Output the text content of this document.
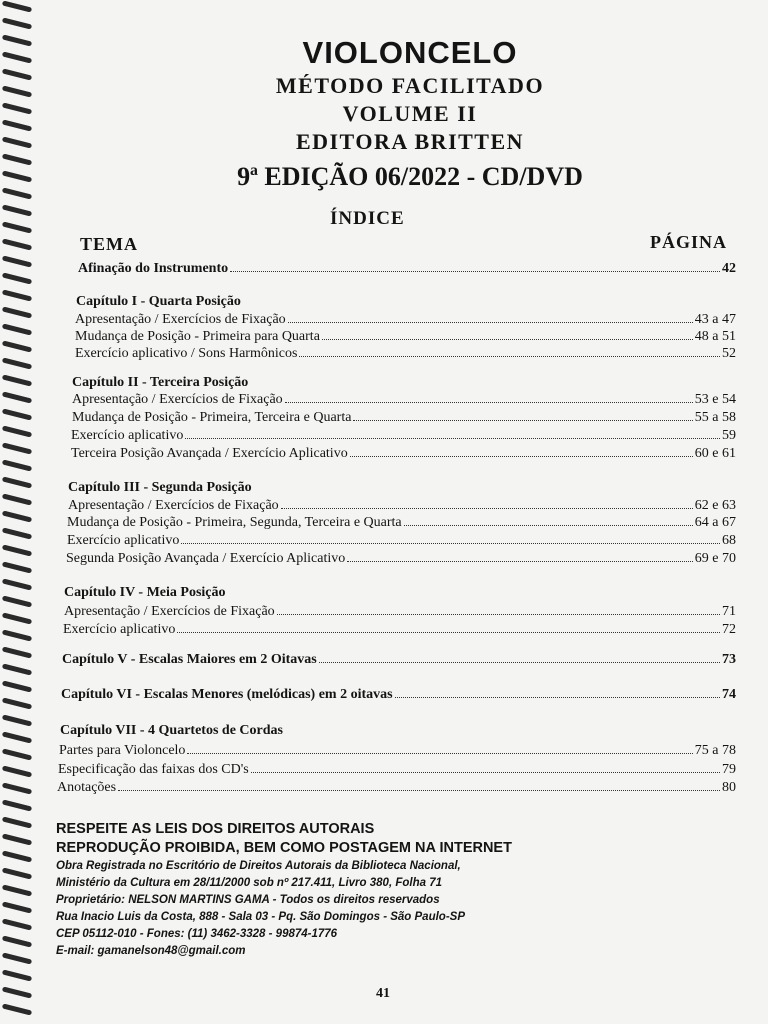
VIOLONCELO
MÉTODO FACILITADO
VOLUME II
EDITORA BRITTEN
9ª EDIÇÃO 06/2022 - CD/DVD
ÍNDICE
TEMA	PÁGINA
Afinação do Instrumento	42
Capítulo I - Quarta Posição
Apresentação / Exercícios de Fixação	43 a 47
Mudança de Posição - Primeira para Quarta	48 a 51
Exercício aplicativo / Sons Harmônicos	52
Capítulo II - Terceira Posição
Apresentação / Exercícios de Fixação	53 e 54
Mudança de Posição - Primeira, Terceira e Quarta	55 a 58
Exercício aplicativo	59
Terceira Posição Avançada / Exercício Aplicativo	60 e 61
Capítulo III - Segunda Posição
Apresentação / Exercícios de Fixação	62 e 63
Mudança de Posição - Primeira, Segunda, Terceira e Quarta	64 a 67
Exercício aplicativo	68
Segunda Posição Avançada / Exercício Aplicativo	69 e 70
Capítulo IV - Meia Posição
Apresentação / Exercícios de Fixação	71
Exercício aplicativo	72
Capítulo V - Escalas Maiores em 2 Oitavas	73
Capítulo VI - Escalas Menores (melódicas) em 2 oitavas	74
Capítulo VII - 4 Quartetos de Cordas
Partes para Violoncelo	75 a 78
Especificação das faixas dos CD's	79
Anotações	80
RESPEITE AS LEIS DOS DIREITOS AUTORAIS
REPRODUÇÃO PROIBIDA, BEM COMO POSTAGEM NA INTERNET
Obra Registrada no Escritório de Direitos Autorais da Biblioteca Nacional,
Ministério da Cultura em 28/11/2000 sob nº 217.411, Livro 380, Folha 71
Proprietário: NELSON MARTINS GAMA - Todos os direitos reservados
Rua Inacio Luis da Costa, 888 - Sala 03 - Pq. São Domingos - São Paulo-SP
CEP 05112-010 - Fones: (11) 3462-3328 - 99874-1776
E-mail: gamanelson48@gmail.com
41
